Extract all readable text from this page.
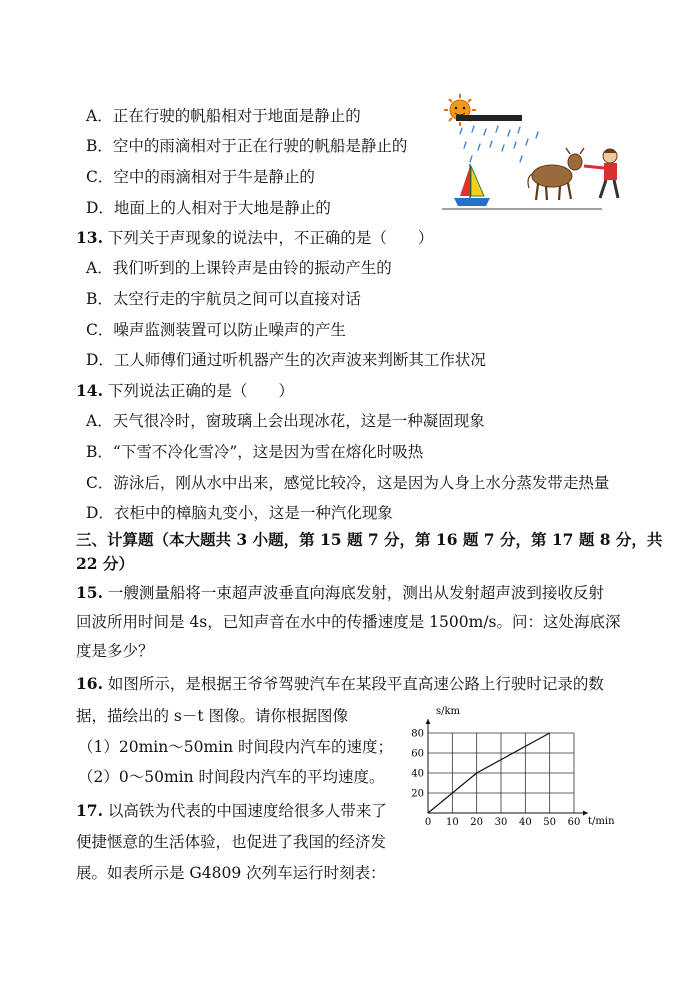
A．正在行驶的帆船相对于地面是静止的
B．空中的雨滴相对于正在行驶的帆船是静止的
C．空中的雨滴相对于牛是静止的
D．地面上的人相对于大地是静止的
13. 下列关于声现象的说法中，不正确的是（　　）
A．我们听到的上课铃声是由铃的振动产生的
B．太空行走的宇航员之间可以直接对话
C．噪声监测装置可以防止噪声的产生
D．工人师傅们通过听机器产生的次声波来判断其工作状况
14. 下列说法正确的是（　　）
A．天气很冷时，窗玻璃上会出现冰花，这是一种凝固现象
B．“下雪不冷化雪冷”，这是因为雪在熔化时吸热
C．游泳后，刚从水中出来，感觉比较冷，这是因为人身上水分蒸发带走热量
D．衣柜中的樟脑丸变小，这是一种汽化现象
三、计算题（本大题共 3 小题，第 15 题 7 分，第 16 题 7 分，第 17 题 8 分，共
22 分）
15. 一艘测量船将一束超声波垂直向海底发射，测出从发射超声波到接收反射
回波所用时间是 4s，已知声音在水中的传播速度是 1500m/s。问：这处海底深
度是多少？
16. 如图所示，是根据王爷爷驾驶汽车在某段平直高速公路上行驶时记录的数
据，描绘出的 s－t 图像。请你根据图像
（1）20min～50min 时间段内汽车的速度；
（2）0～50min 时间段内汽车的平均速度。
17. 以高铁为代表的中国速度给很多人带来了
便捷惬意的生活体验，也促进了我国的经济发
展。如表所示是 G4809 次列车运行时刻表：
0 10 20 30 40 50 60
20
40
60
80
s/km
t/min
